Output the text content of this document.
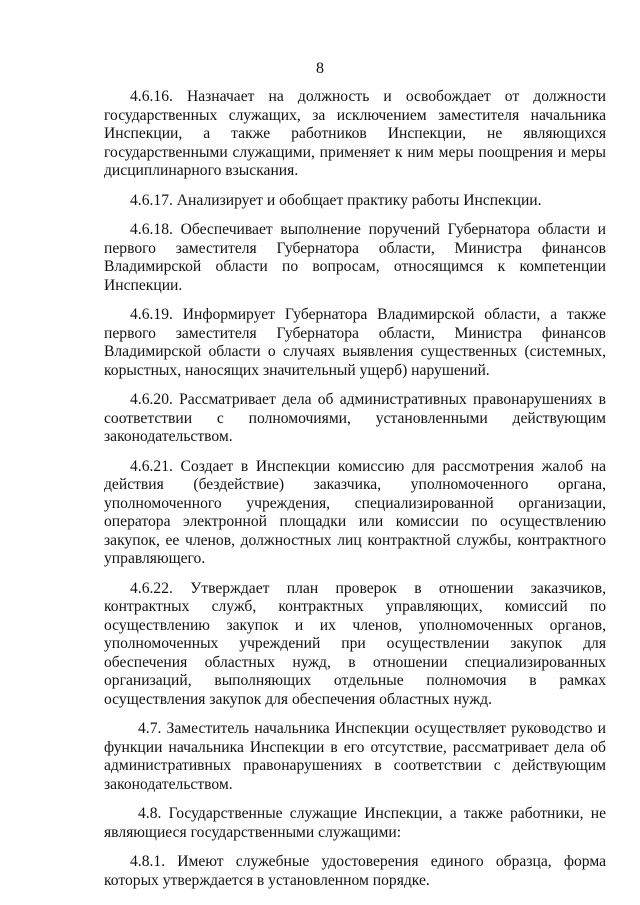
8

4.6.16. Назначает на должность и освобождает от должности государственных служащих, за исключением заместителя начальника Инспекции, а также работников Инспекции, не являющихся государственными служащими, применяет к ним меры поощрения и меры дисциплинарного взыскания.

4.6.17. Анализирует и обобщает практику работы Инспекции.

4.6.18. Обеспечивает выполнение поручений Губернатора области и первого заместителя Губернатора области, Министра финансов Владимирской области по вопросам, относящимся к компетенции Инспекции.

4.6.19. Информирует Губернатора Владимирской области, а также первого заместителя Губернатора области, Министра финансов Владимирской области о случаях выявления существенных (системных, корыстных, наносящих значительный ущерб) нарушений.

4.6.20. Рассматривает дела об административных правонарушениях в соответствии с полномочиями, установленными действующим законодательством.

4.6.21. Создает в Инспекции комиссию для рассмотрения жалоб на действия (бездействие) заказчика, уполномоченного органа, уполномоченного учреждения, специализированной организации, оператора электронной площадки или комиссии по осуществлению закупок, ее членов, должностных лиц контрактной службы, контрактного управляющего.

4.6.22. Утверждает план проверок в отношении заказчиков, контрактных служб, контрактных управляющих, комиссий по осуществлению закупок и их членов, уполномоченных органов, уполномоченных учреждений при осуществлении закупок для обеспечения областных нужд, в отношении специализированных организаций, выполняющих отдельные полномочия в рамках осуществления закупок для обеспечения областных нужд.

4.7. Заместитель начальника Инспекции осуществляет руководство и функции начальника Инспекции в его отсутствие, рассматривает дела об административных правонарушениях в соответствии с действующим законодательством.

4.8. Государственные служащие Инспекции, а также работники, не являющиеся государственными служащими:

4.8.1. Имеют служебные удостоверения единого образца, форма которых утверждается в установленном порядке.
